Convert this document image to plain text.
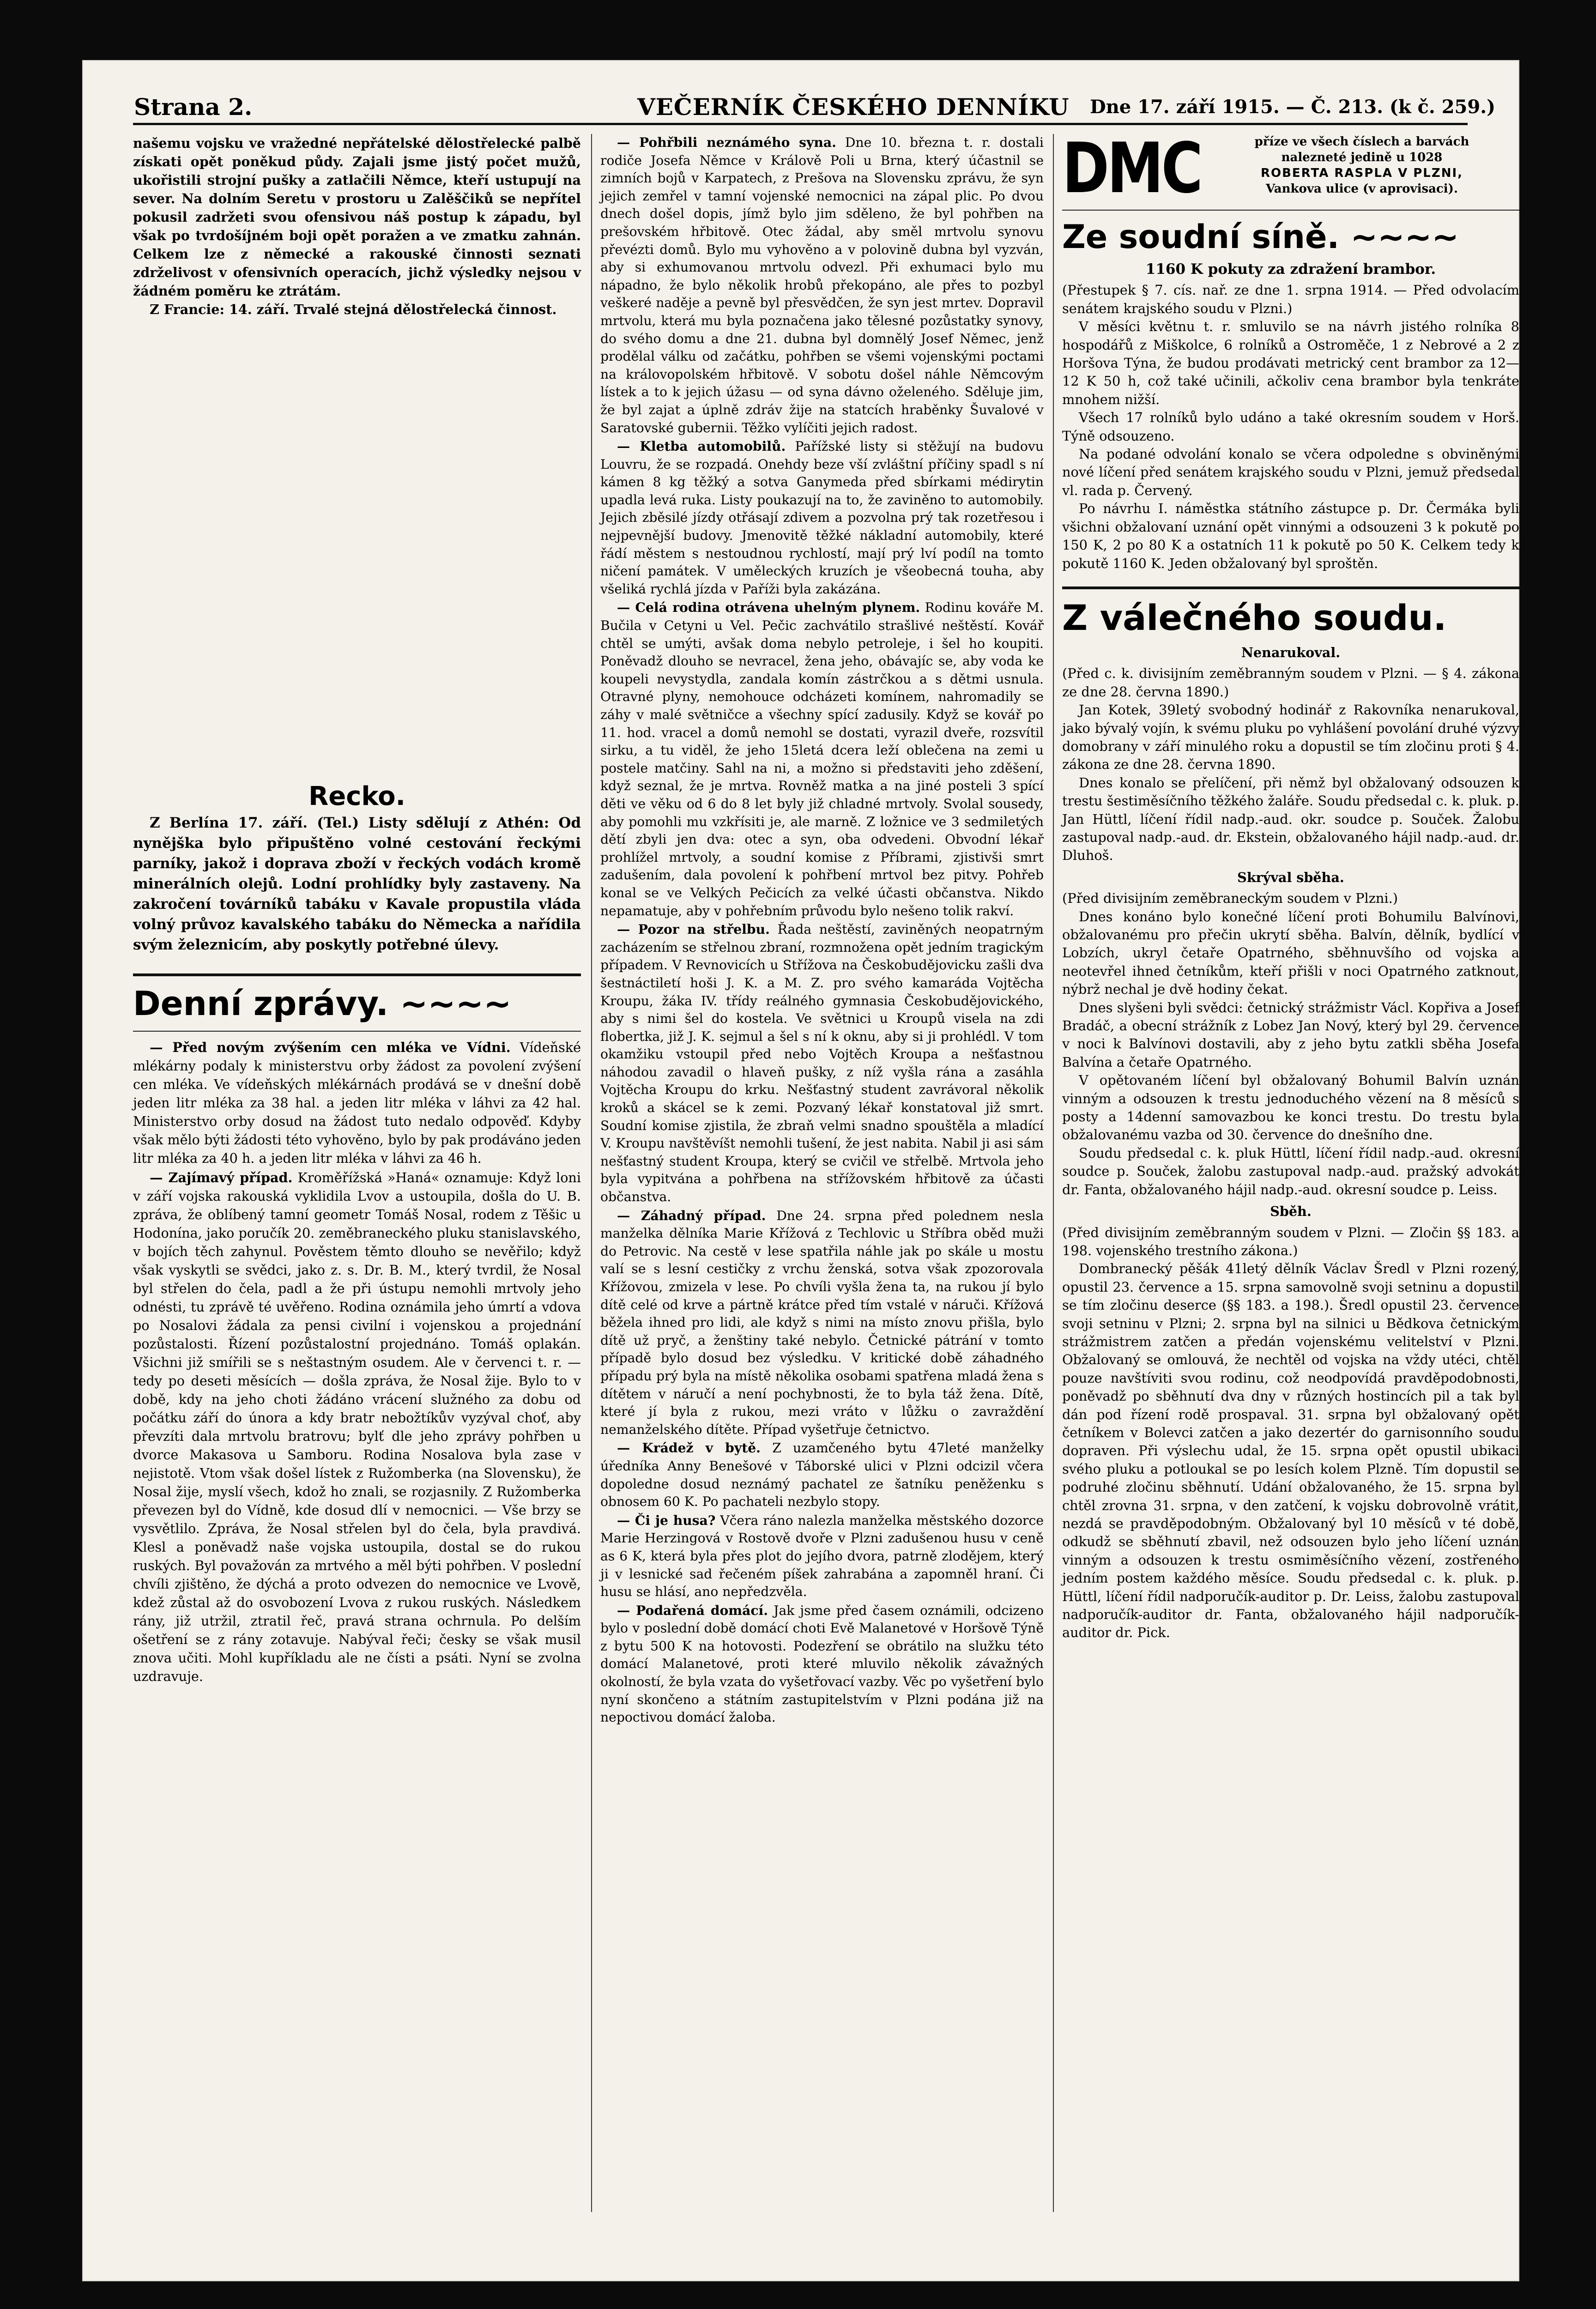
Strana 2.	VEČERNÍK ČESKÉHO DENNÍKU Dne 17. září 1915. — Č. 213. (k č. 259.)

našemu vojsku ve vražedné nepřátelské dělostřelecké palbě získati opět poněkud půdy. Zajali jsme jistý počet mužů, ukořistili strojní pušky a zatlačili Němce, kteří ustupují na sever. Na dolním Seretu v prostoru u Zalěščiků se nepřítel pokusil zadržeti svou ofensivou náš postup k západu, byl však po tvrdošíjném boji opět poražen a ve zmatku zahnán. Celkem lze z německé a rakouské činnosti seznati zdrželivost v ofensivních operacích, jichž výsledky nejsou v žádném poměru ke ztrátám.

Z Francie: 14. září. Trvalé stejná dělostřelecká činnost.

Recko.

Z Berlína 17. září. (Tel.) Listy sdělují z Athén: Od nynějška bylo připuštěno volné cestování řeckými parníky, jakož i doprava zboží v řeckých vodách kromě minerálních olejů. Lodní prohlídky byly zastaveny. Na zakročení továrníků tabáku v Kavale propustila vláda volný průvoz kavalského tabáku do Německa a nařídila svým železnicím, aby poskytly potřebné úlevy.

Denní zprávy. ~~~~

— Před novým zvýšením cen mléka ve Vídni. Vídeňské mlékárny podaly k ministerstvu orby žádost za povolení zvýšení cen mléka. Ve vídeňských mlékárnách prodává se v dnešní době jeden litr mléka za 38 hal. a jeden litr mléka v láhvi za 42 hal. Ministerstvo orby dosud na žádost tuto nedalo odpověď. Kdyby však mělo býti žádosti této vyhověno, bylo by pak prodáváno jeden litr mléka za 40 h. a jeden litr mléka v láhvi za 46 h.

— Zajímavý případ. Kroměřížská »Haná« oznamuje: Když loni v září vojska rakouská vyklidila Lvov a ustoupila, došla do U. B. zpráva, že oblíbený tamní geometr Tomáš Nosal, rodem z Těšic u Hodonína, jako poručík 20. zeměbraneckého pluku stanislavského, v bojích těch zahynul. Pověstem těmto dlouho se nevěřilo; když však vyskytli se svědci, jako z. s. Dr. B. M., který tvrdil, že Nosal byl střelen do čela, padl a že při ústupu nemohli mrtvoly jeho odnésti, tu zprávě té uvěřeno. Rodina oznámila jeho úmrtí a vdova po Nosalovi žádala za pensi civilní i vojenskou a projednání pozůstalosti. Řízení pozůstalostní projednáno. Tomáš oplakán. Všichni již smířili se s neštastným osudem. Ale v červenci t. r. — tedy po deseti měsících — došla zpráva, že Nosal žije. Bylo to v době, kdy na jeho choti žádáno vrácení služného za dobu od počátku září do února a kdy bratr nebožtíkův vyzýval choť, aby převzíti dala mrtvolu bratrovu; bylť dle jeho zprávy pohřben u dvorce Makasova u Samboru. Rodina Nosalova byla zase v nejistotě. Vtom však došel lístek z Ružomberka (na Slovensku), že Nosal žije, myslí všech, kdož ho znali, se rozjasnily. Z Ružomberka převezen byl do Vídně, kde dosud dlí v nemocnici. — Vše brzy se vysvětlilo. Zpráva, že Nosal střelen byl do čela, byla pravdivá. Klesl a poněvadž naše vojska ustoupila, dostal se do rukou ruských. Byl považován za mrtvého a měl býti pohřben. V poslední chvíli zjištěno, že dýchá a proto odvezen do nemocnice ve Lvově, kdež zůstal až do osvobození Lvova z rukou ruských. Následkem rány, již utržil, ztratil řeč, pravá strana ochrnula. Po delším ošetření se z rány zotavuje. Nabýval řeči; česky se však musil znova učiti. Mohl kupříkladu ale ne čísti a psáti. Nyní se zvolna uzdravuje.

— Pohřbili neznámého syna. Dne 10. března t. r. dostali rodiče Josefa Němce v Králově Poli u Brna, který účastnil se zimních bojů v Karpatech, z Prešova na Slovensku zprávu, že syn jejich zemřel v tamní vojenské nemocnici na zápal plic. Po dvou dnech došel dopis, jímž bylo jim sděleno, že byl pohřben na prešovském hřbitově. Otec žádal, aby směl mrtvolu synovu převézti domů. Bylo mu vyhověno a v polovině dubna byl vyzván, aby si exhumovanou mrtvolu odvezl. Při exhumaci bylo mu nápadno, že bylo několik hrobů překopáno, ale přes to pozbyl veškeré naděje a pevně byl přesvědčen, že syn jest mrtev. Dopravil mrtvolu, která mu byla poznačena jako tělesné pozůstatky synovy, do svého domu a dne 21. dubna byl domnělý Josef Němec, jenž prodělal válku od začátku, pohřben se všemi vojenskými poctami na královopolském hřbitově. V sobotu došel náhle Němcovým lístek a to k jejich úžasu — od syna dávno oželeného. Sděluje jim, že byl zajat a úplně zdráv žije na statcích hraběnky Šuvalové v Saratovské gubernii. Těžko vylíčiti jejich radost.

— Kletba automobilů. Pařížské listy si stěžují na budovu Louvru, že se rozpadá. Onehdy beze vší zvláštní příčiny spadl s ní kámen 8 kg těžký a sotva Ganymeda před sbírkami médirytin upadla levá ruka. Listy poukazují na to, že zaviněno to automobily. Jejich zběsilé jízdy otřásají zdivem a pozvolna prý tak rozetřesou i nejpevnější budovy. Jmenovitě těžké nákladní automobily, které řádí městem s nestoudnou rychlostí, mají prý lví podíl na tomto ničení památek. V uměleckých kruzích je všeobecná touha, aby všeliká rychlá jízda v Paříži byla zakázána.

— Celá rodina otrávena uhelným plynem. Rodinu kováře M. Bučila v Cetyni u Vel. Pečic zachvátilo strašlivé neštěstí. Kovář chtěl se umýti, avšak doma nebylo petroleje, i šel ho koupiti. Poněvadž dlouho se nevracel, žena jeho, obávajíc se, aby voda ke koupeli nevystydla, zandala komín zástrčkou a s dětmi usnula. Otravné plyny, nemohouce odcházeti komínem, nahromadily se záhy v malé světničce a všechny spící zadusily. Když se kovář po 11. hod. vracel a domů nemohl se dostati, vyrazil dveře, rozsvítil sirku, a tu viděl, že jeho 15letá dcera leží oblečena na zemi u postele matčiny. Sahl na ni, a možno si představiti jeho zděšení, když seznal, že je mrtva. Rovněž matka a na jiné posteli 3 spící děti ve věku od 6 do 8 let byly již chladné mrtvoly. Svolal sousedy, aby pomohli mu vzkřísiti je, ale marně. Z ložnice ve 3 sedmiletých dětí zbyli jen dva: otec a syn, oba odvedeni. Obvodní lékař prohlížel mrtvoly, a soudní komise z Příbrami, zjistivši smrt zadušením, dala povolení k pohřbení mrtvol bez pitvy. Pohřeb konal se ve Velkých Pečicích za velké účasti občanstva. Nikdo nepamatuje, aby v pohřebním průvodu bylo nešeno tolik rakví.

— Pozor na střelbu. Řada neštěstí, zaviněných neopatrným zacházením se střelnou zbraní, rozmnožena opět jedním tragickým případem. V Revnovicích u Střížova na Českobudějovicku zašli dva šestnáctiletí hoši J. K. a M. Z. pro svého kamaráda Vojtěcha Kroupu, žáka IV. třídy reálného gymnasia Českobudějovického, aby s nimi šel do kostela. Ve světnici u Kroupů visela na zdi flobertka, již J. K. sejmul a šel s ní k oknu, aby si ji prohlédl. V tom okamžiku vstoupil před nebo Vojtěch Kroupa a nešťastnou náhodou zavadil o hlaveň pušky, z níž vyšla rána a zasáhla Vojtěcha Kroupu do krku. Nešťastný student zavrávoral několik kroků a skácel se k zemi. Pozvaný lékař konstatoval již smrt. Soudní komise zjistila, že zbraň velmi snadno spouštěla a mladící V. Kroupu navštěvíšt nemohli tušení, že jest nabita. Nabil ji asi sám nešťastný student Kroupa, který se cvičil ve střelbě. Mrtvola jeho byla vypitvána a pohřbena na střížovském hřbitově za účasti občanstva.

— Záhadný případ. Dne 24. srpna před polednem nesla manželka dělníka Marie Křížová z Techlovic u Stříbra oběd muži do Petrovic. Na cestě v lese spatřila náhle jak po skále u mostu valí se s lesní cestičky z vrchu ženská, sotva však zpozorovala Křížovou, zmizela v lese. Po chvíli vyšla žena ta, na rukou jí bylo dítě celé od krve a pártně krátce před tím vstalé v náruči. Křížová běžela ihned pro lidi, ale když s nimi na místo znovu přišla, bylo dítě už pryč, a ženštiny také nebylo. Četnické pátrání v tomto případě bylo dosud bez výsledku. V kritické době záhadného případu prý byla na místě několika osobami spatřena mladá žena s dítětem v náručí a není pochybnosti, že to byla táž žena. Dítě, které jí byla z rukou, mezi vráto v lůžku o zavraždění nemanželského dítěte. Případ vyšetřuje četnictvo.

— Krádež v bytě. Z uzamčeného bytu 47leté manželky úředníka Anny Benešové v Táborské ulici v Plzni odcizil včera dopoledne dosud neznámý pachatel ze šatníku peněženku s obnosem 60 K. Po pachateli nezbylo stopy.

— Či je husa? Včera ráno nalezla manželka městského dozorce Marie Herzingová v Rostově dvoře v Plzni zadušenou husu v ceně as 6 K, která byla přes plot do jejího dvora, patrně zlodějem, který ji v lesnické sad řečeném píšek zahrabána a zapomněl hraní. Či husu se hlásí, ano nepředzvěla.

— Podařená domácí. Jak jsme před časem oznámili, odcizeno bylo v poslední době domácí choti Evě Malanetové v Horšově Týně z bytu 500 K na hotovosti. Podezření se obrátilo na služku této domácí Malanetové, proti které mluvilo několik závažných okolností, že byla vzata do vyšetřovací vazby. Věc po vyšetření bylo nyní skončeno a státním zastupitelstvím v Plzni podána již na nepoctivou domácí žaloba.

DMC	příze ve všech číslech a barvách
nalezneté jedině u 1028
ROBERTA RASPLA V PLZNI,
Vankova ulice (v aprovisaci).
Ze soudní síně. ~~~~
1160 K pokuty za zdražení brambor.

(Přestupek § 7. cís. nař. ze dne 1. srpna 1914. — Před odvolacím senátem krajského soudu v Plzni.)

V měsíci květnu t. r. smluvilo se na návrh jistého rolníka 8 hospodářů z Miškolce, 6 rolníků a Ostroměče, 1 z Nebrové a 2 z Horšova Týna, že budou prodávati metrický cent brambor za 12—12 K 50 h, což také učinili, ačkoliv cena brambor byla tenkráte mnohem nižší.

Všech 17 rolníků bylo udáno a také okresním soudem v Horš. Týně odsouzeno.

Na podané odvolání konalo se včera odpoledne s obviněnými nové líčení před senátem krajského soudu v Plzni, jemuž předsedal vl. rada p. Červený.

Po návrhu I. náměstka státního zástupce p. Dr. Čermáka byli všichni obžalovaní uznání opět vinnými a odsouzeni 3 k pokutě po 150 K, 2 po 80 K a ostatních 11 k pokutě po 50 K. Celkem tedy k pokutě 1160 K. Jeden obžalovaný byl sproštěn.

Z válečného soudu.
Nenarukoval.

(Před c. k. divisijním zeměbranným soudem v Plzni. — § 4. zákona ze dne 28. června 1890.)

Jan Kotek, 39letý svobodný hodinář z Rakovníka nenarukoval, jako bývalý vojín, k svému pluku po vyhlášení povolání druhé výzvy domobrany v září minulého roku a dopustil se tím zločinu proti § 4. zákona ze dne 28. června 1890.

Dnes konalo se přelíčení, při němž byl obžalovaný odsouzen k trestu šestiměsíčního těžkého žaláře. Soudu předsedal c. k. pluk. p. Jan Hüttl, líčení řídil nadp.-aud. okr. soudce p. Souček. Žalobu zastupoval nadp.-aud. dr. Ekstein, obžalovaného hájil nadp.-aud. dr. Dluhoš.

Skrýval sběha.

(Před divisijním zeměbraneckým soudem v Plzni.)

Dnes konáno bylo konečné líčení proti Bohumilu Balvínovi, obžalovanému pro přečin ukrytí sběha. Balvín, dělník, bydlící v Lobzích, ukryl četaře Opatrného, sběhnuvšího od vojska a neotevřel ihned četníkům, kteří přišli v noci Opatrného zatknout, nýbrž nechal je dvě hodiny čekat.

Dnes slyšeni byli svědci: četnický strážmistr Václ. Kopřiva a Josef Bradáč, a obecní strážník z Lobez Jan Nový, který byl 29. července v noci k Balvínovi dostavili, aby z jeho bytu zatkli sběha Josefa Balvína a četaře Opatrného.

V opětovaném líčení byl obžalovaný Bohumil Balvín uznán vinným a odsouzen k trestu jednoduchého vězení na 8 měsíců s posty a 14denní samovazbou ke konci trestu. Do trestu byla obžalovanému vazba od 30. července do dnešního dne.

Soudu předsedal c. k. pluk Hüttl, líčení řídil nadp.-aud. okresní soudce p. Souček, žalobu zastupoval nadp.-aud. pražský advokát dr. Fanta, obžalovaného hájil nadp.-aud. okresní soudce p. Leiss.

Sběh.

(Před divisijním zeměbranným soudem v Plzni. — Zločin §§ 183. a 198. vojenského trestního zákona.)

Dombranecký pěšák 41letý dělník Václav Šredl v Plzni rozený, opustil 23. července a 15. srpna samovolně svoji setninu a dopustil se tím zločinu deserce (§§ 183. a 198.). Šredl opustil 23. července svoji setninu v Plzni; 2. srpna byl na silnici u Bědkova četnickým strážmistrem zatčen a předán vojenskému velitelství v Plzni. Obžalovaný se omlouvá, že nechtěl od vojska na vždy utéci, chtěl pouze navštíviti svou rodinu, což neodpovídá pravděpodobnosti, poněvadž po sběhnutí dva dny v různých hostincích pil a tak byl dán pod řízení rodě prospaval. 31. srpna byl obžalovaný opět četníkem v Bolevci zatčen a jako dezertér do garnisonního soudu dopraven. Při výslechu udal, že 15. srpna opět opustil ubikaci svého pluku a potloukal se po lesích kolem Plzně. Tím dopustil se podruhé zločinu sběhnutí. Udání obžalovaného, že 15. srpna byl chtěl zrovna 31. srpna, v den zatčení, k vojsku dobrovolně vrátit, nezdá se pravděpodobným. Obžalovaný byl 10 měsíců v té době, odkudž se sběhnutí zbavil, než odsouzen bylo jeho líčení uznán vinným a odsouzen k trestu osmiměsíčního vězení, zostřeného jedním postem každého měsíce. Soudu předsedal c. k. pluk. p. Hüttl, líčení řídil nadporučík-auditor p. Dr. Leiss, žalobu zastupoval nadporučík-auditor dr. Fanta, obžalovaného hájil nadporučík-auditor dr. Pick.
